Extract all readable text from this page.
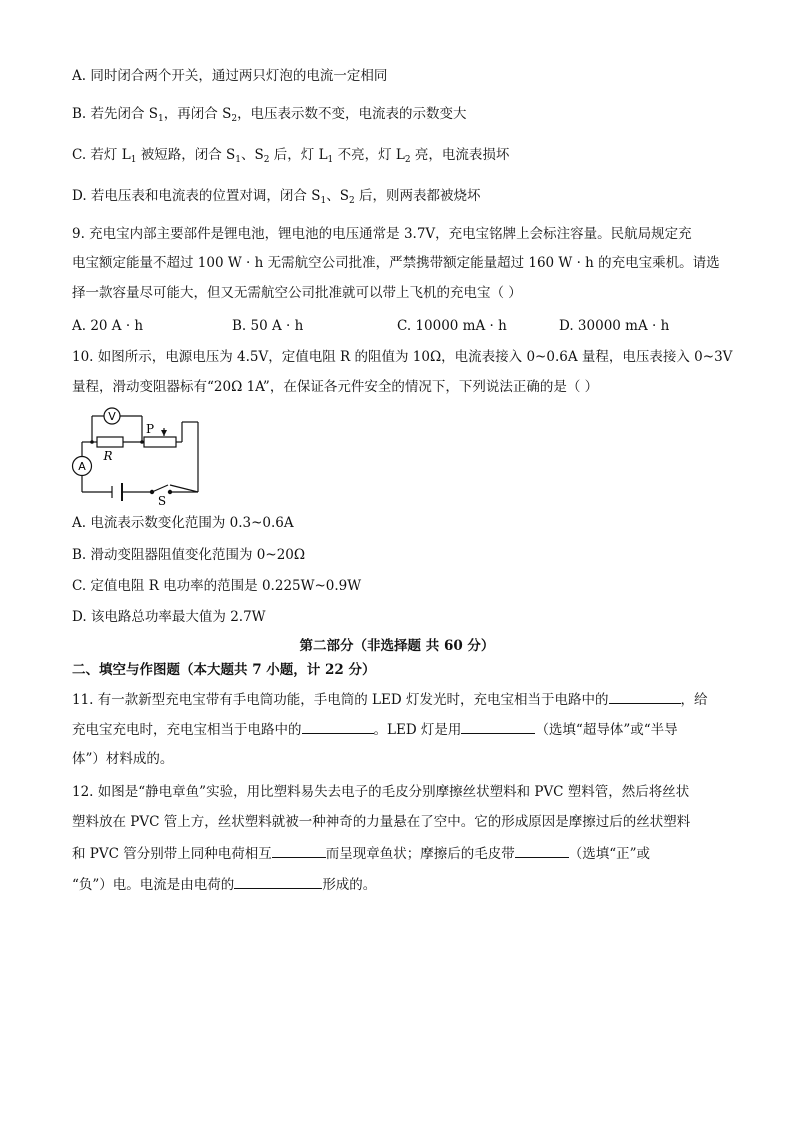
A. 同时闭合两个开关，通过两只灯泡的电流一定相同
B. 若先闭合 $S_1$，再闭合 $S_2$，电压表示数不变，电流表的示数变大
C. 若灯 $L_1$ 被短路，闭合 $S_1$、$S_2$ 后，灯 $L_1$ 不亮，灯 $L_2$ 亮，电流表损坏
D. 若电压表和电流表的位置对调，闭合 $S_1$、$S_2$ 后，则两表都被烧坏
9. 充电宝内部主要部件是锂电池，锂电池的电压通常是 3.7V，充电宝铭牌上会标注容量。民航局规定充
电宝额定能量不超过 100 W · h 无需航空公司批准，严禁携带额定能量超过 160 W · h 的充电宝乘机。请选
择一款容量尽可能大，但又无需航空公司批准就可以带上飞机的充电宝（ ）
A. 20 A · h	B. 50 A · h	C. 10000 mA · h	D. 30000 mA · h
10. 如图所示，电源电压为 4.5V，定值电阻 R 的阻值为 10Ω，电流表接入 0~0.6A 量程，电压表接入 0~3V
量程，滑动变阻器标有“20Ω 1A”，在保证各元件安全的情况下，下列说法正确的是（ ）
V
A
R
P
S
A. 电流表示数变化范围为 0.3~0.6A
B. 滑动变阻器阻值变化范围为 0~20Ω
C. 定值电阻 R 电功率的范围是 0.225W~0.9W
D. 该电路总功率最大值为 2.7W
第二部分（非选择题 共 60 分）
二、填空与作图题（本大题共 7 小题，计 22 分）
11. 有一款新型充电宝带有手电筒功能，手电筒的 LED 灯发光时，充电宝相当于电路中的	，给
充电宝充电时，充电宝相当于电路中的	。LED 灯是用	（选填“超导体”或“半导
体”）材料成的。
12. 如图是“静电章鱼”实验，用比塑料易失去电子的毛皮分别摩擦丝状塑料和 PVC 塑料管，然后将丝状
塑料放在 PVC 管上方，丝状塑料就被一种神奇的力量悬在了空中。它的形成原因是摩擦过后的丝状塑料
和 PVC 管分别带上同种电荷相互	而呈现章鱼状；摩擦后的毛皮带	（选填“正”或
“负”）电。电流是由电荷的	形成的。
